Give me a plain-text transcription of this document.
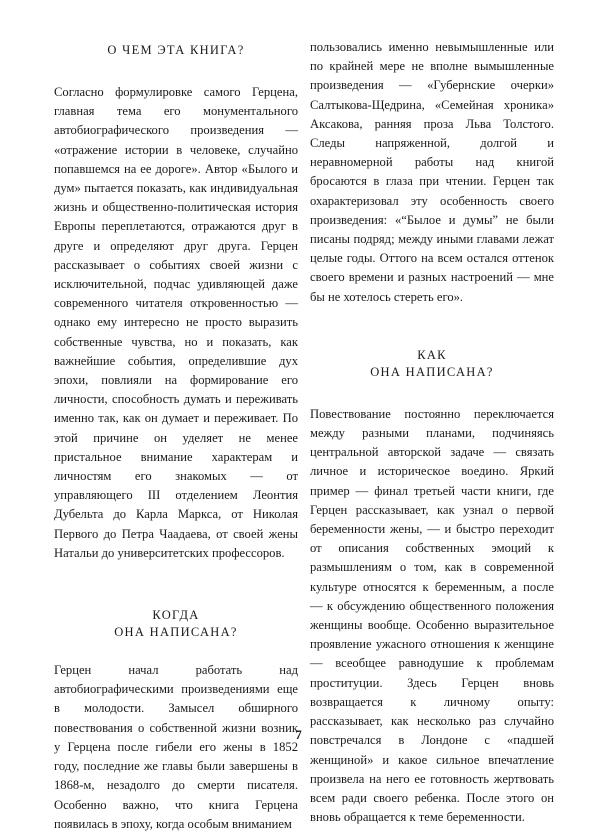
О ЧЕМ ЭТА КНИГА?

Согласно формулировке самого Герцена, главная тема его монументального автобиографического произведения — «отражение истории в человеке, случайно попавшемся на ее дороге». Автор «Былого и дум» пытается показать, как индивидуальная жизнь и общественно-политическая история Европы переплетаются, отражаются друг в друге и определяют друг друга. Герцен рассказывает о событиях своей жизни с исключительной, подчас удивляющей даже современного читателя откровенностью — однако ему интересно не просто выразить собственные чувства, но и показать, как важнейшие события, определившие дух эпохи, повлияли на формирование его личности, способность думать и переживать именно так, как он думает и переживает. По этой причине он уделяет не менее пристальное внимание характерам и личностям его знакомых — от управляющего III отделением Леонтия Дубельта до Карла Маркса, от Николая Первого до Петра Чаадаева, от своей жены Натальи до университетских профессоров.

КОГДА

ОНА НАПИСАНА?

Герцен начал работать над автобиографическими произведениями еще в молодости. Замысел обширного повествования о собственной жизни возник у Герцена после гибели его жены в 1852 году, последние же главы были завершены в 1868-м, незадолго до смерти писателя. Особенно важно, что книга Герцена появилась в эпоху, когда особым вниманием

пользовались именно невымышленные или по крайней мере не вполне вымышленные произведения — «Губернские очерки» Салтыкова-Щедрина, «Семейная хроника» Аксакова, ранняя проза Льва Толстого. Следы напряженной, долгой и неравномерной работы над книгой бросаются в глаза при чтении. Герцен так охарактеризовал эту особенность своего произведения: «“Былое и думы” не были писаны подряд; между иными главами лежат целые годы. Оттого на всем остался оттенок своего времени и разных настроений — мне бы не хотелось стереть его».

КАК

ОНА НАПИСАНА?

Повествование постоянно переключается между разными планами, подчиняясь центральной авторской задаче — связать личное и историческое воедино. Яркий пример — финал третьей части книги, где Герцен рассказывает, как узнал о первой беременности жены, — и быстро переходит от описания собственных эмоций к размышлениям о том, как в современной культуре относятся к беременным, а после — к обсуждению общественного положения женщины вообще. Особенно выразительное проявление ужасного отношения к женщине — всеобщее равнодушие к проблемам проституции. Здесь Герцен вновь возвращается к личному опыту: рассказывает, как несколько раз случайно повстречался в Лондоне с «падшей женщиной» и какое сильное впечатление произвела на него ее готовность жертвовать всем ради своего ребенка. После этого он вновь обращается к теме беременности.

7
